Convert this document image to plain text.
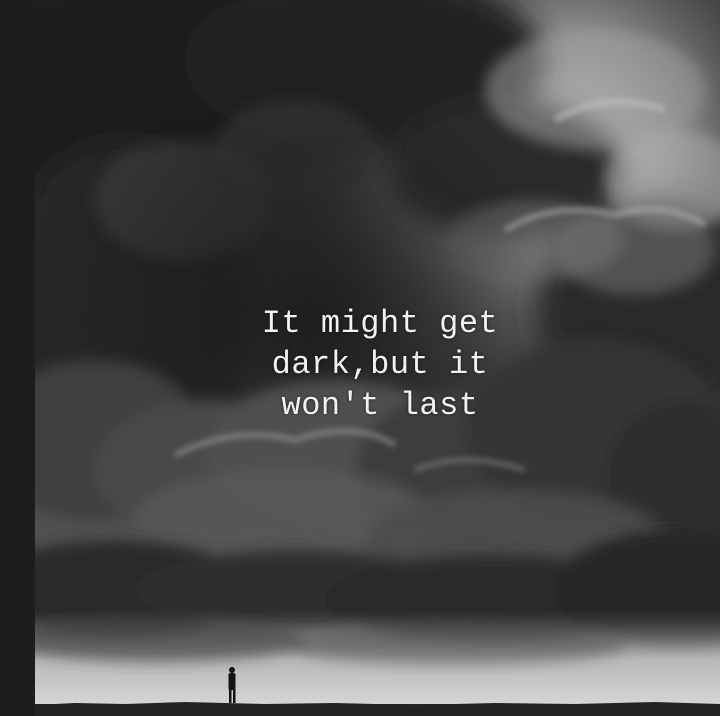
It might get
dark,but it
won't last
